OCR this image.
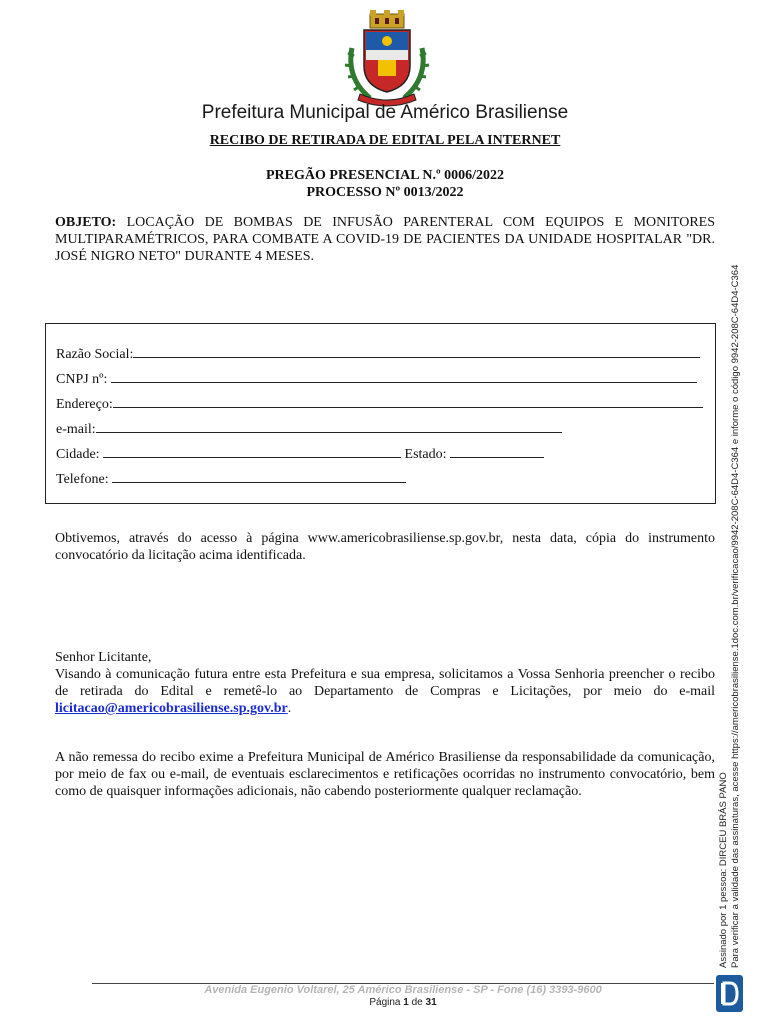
Prefeitura Municipal de Américo Brasiliense
RECIBO DE RETIRADA DE EDITAL PELA INTERNET
PREGÃO PRESENCIAL N.º 0006/2022
PROCESSO Nº 0013/2022
OBJETO: LOCAÇÃO DE BOMBAS DE INFUSÃO PARENTERAL COM EQUIPOS E MONITORES MULTIPARAMÉTRICOS, PARA COMBATE A COVID-19 DE PACIENTES DA UNIDADE HOSPITALAR "DR. JOSÉ NIGRO NETO" DURANTE 4 MESES.
Razão Social:
CNPJ nº:
Endereço:
e-mail:
Cidade:	Estado:
Telefone:
Obtivemos, através do acesso à página www.americobrasiliense.sp.gov.br, nesta data, cópia do instrumento convocatório da licitação acima identificada.
Senhor Licitante,
Visando à comunicação futura entre esta Prefeitura e sua empresa, solicitamos a Vossa Senhoria preencher o recibo de retirada do Edital e remetê-lo ao Departamento de Compras e Licitações, por meio do e-mail licitacao@americobrasiliense.sp.gov.br.
A não remessa do recibo exime a Prefeitura Municipal de Américo Brasiliense da responsabilidade da comunicação, por meio de fax ou e-mail, de eventuais esclarecimentos e retificações ocorridas no instrumento convocatório, bem como de quaisquer informações adicionais, não cabendo posteriormente qualquer reclamação.	Assinado por 1 pessoa: DIRCEU BRÁS PANO Para verificar a validade das assinaturas, acesse https://americobrasiliense.1doc.com.br/verificacao/9942-208C-64D4-C364 e informe o código 9942-208C-64D4-C364
Avenida Eugenio Voltarel, 25 Américo Brasiliense - SP - Fone (16) 3393-9600
Página 1 de 31
